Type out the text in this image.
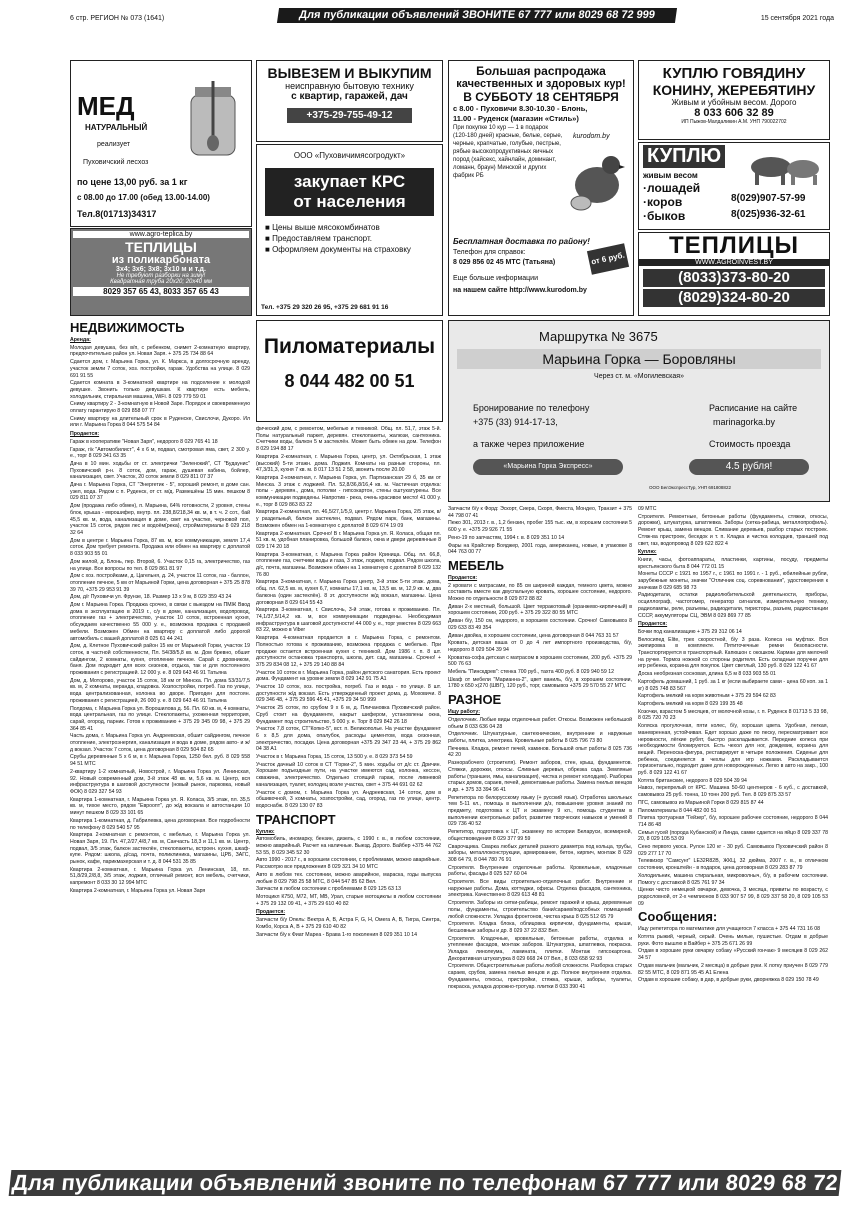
6 стр. РЕГИОН № 073 (1641)	Для публикации объявлений ЗВОНИТЕ 67 777 или 8029 68 72 999	15 сентября 2021 года
МЕД
НАТУРАЛЬНЫЙ
реализует
Пуховичский лесхоз
по цене 13,00 руб. за 1 кг
с 08.00 до 17.00 (обед 13.00-14.00)
Тел.8(01713)34317
www.agro-teplica.by
ТЕПЛИЦЫ
из поликарбоната
3х4; 3х6; 3х8; 3х10 м и т.д.
Не требуют разборки на зиму!
Квадратная труба 20х20; 20х40 мм
8029 357 65 43, 8033 357 65 43
ВЫВЕЗЕМ И ВЫКУПИМ
неисправную бытовую технику
с квартир, гаражей, дач
+375-29-755-49-12
ООО «Пуховичимясогродукт»
закупает КРС
от населения
■ Цены выше мясокомбинатов
■ Предоставляем транспорт.
■ Оформляем документы на страховку
Тел. +375 29 320 26 95, +375 29 681 91 16
Большая распродажа
качественных и здоровых кур!
В СУББОТУ 18 СЕНТЯБРЯ
с 8.00 - Пуховичи 8.30-10.30 - Блонь,
11.00 - Руденск (магазин «Стиль»)
При покупке 10 кур — 1 в подарок (120-180 дней) красные, белые, серые, черные, крапчатые, голубые, пестрые, рябые высокопродуктивных яичных пород (хайсекс, хайнлайн, доминант, ломанн, браун) Минской и других фабрик РБ
kurodom.by
Бесплатная доставка по району!
Телефон для справок:
8 029 856 02 45 МТС (Татьяна)	от 6 руб.
Еще больше информации
на нашем сайте http://www.kurodom.by
КУПЛЮ ГОВЯДИНУ
КОНИНУ, ЖЕРЕБЯТИНУ
Живым и убойным весом. Дорого
8 033 606 32 89
ИП Пыжов-Малдаликин А.М. УНП 790022702
КУПЛЮ
живым весом
·лошадей
·коров
·быков
8(029)907-57-99
8(025)936-32-61
ТЕПЛИЦЫ
WWW.AGROINVEST.BY
(8033)373-80-20
(8029)324-80-20
Пиломатериалы
8 044 482 00 51
Маршрутка № 3675
Марьина Горка — Боровляны
Через ст. м. «Могилевская»
Бронирование по телефону
+375 (33) 914-17-13,
а также через приложение
Расписание на сайте
marinagorka.by
Стоимость проезда
«Марьина Горка Экспресс»	4.5 рубля!
ООО БелЭкспрессТур, УНП 691808822
НЕДВИЖИМОСТЬ
Аренда:

Молодая девушка, без в/п, с ребенком, снимет 2-комнатную квартиру, предпочтительно район ул. Новая Заря. + 375 25 734 88 64

Сдается дом, г. Марьина Горка, ул. К. Маркса, в долгосрочную аренду, участок земли 7 соток, хоз. постройки, гараж. Удобства на улице. 8 029 691 91 55

Сдается комната в 3-комнатной квартире на подселение к молодой девушке. Звонить только девушкам. К квартире есть мебель, холодильник, стиральная машина, WiFi. 8 029 779 59 01

Сниму квартиру 2 - 3-комнатную в Новой Заре. Порядок и своевременную оплату гарантирую 8 029 858 07 77

Сниму квартиру на длительный срок в Руденске, Свислочи, Дукоро. Ил или г. Марьина Горка 8 044 575 54 84

Продается:

Гараж в кооперативе "Новая Заря", недорого 8 029 765 41 18

Гараж, г/к "Автомобилист", 4 х 6 м, подвал, смотровая яма, свет, 2 300 у. е., торг 8 029 341 63 35

Дача в 10 мин. ходьбы от ст. электрички "Зеленокий", СТ "Будаунис" Пуховичский р-н. 8 соток, дом, гараж, душевая кабина, бойлер, канализация, свет. Участок, 20 соток земли 8 029 811 07 37

Дача г. Марьина Горка, СТ "Энергетик - 5", хороший ремонт, в доме сан. узел, вода. Рядом с п. Руденск, от ст. м/д. Размешёны 15 мин. пешком 8 029 811 07 37

Дом (продажа либо обмен), п. Марьина, 64% готовности, 2 уровня, стены блок, крыша - еврошифер, внутр. пл. 238,8/218,34 кв. м, в т. ч. 2 сот., бай 45,5 кв. м, вода, канализация в доме, свет на участке, черновой пол, участок 15 соток, рядом лес и водоём(река), стройматериалы 8 029 218 32 64

Дом в центре г. Марьина Горка, 87 кв. м, все коммуникации, земля 17,4 соток. Дом требует ремонта. Продажа или обмен на квартиру с доплатой 8 033 903 55 01

Дом жилой, д. Блонь, пер. Второй, 6. Участок 0,15 га, электричество, газ на улице. Все вопросы по тел. 8 029 861 81 97

Дом с хоз. постройками, д. Цагельня, д. 24, участок 11 соток, газ - баллон, отопление печное, 5 км от Марьиной Горки, цена договорная + 375 25 878 39 70, +375 29 953 91 39

Дом, д/г Пуховичи ул. Фрунзе, 18. Размер 13 х 9 м, 8 029 359 43 24

Дом г. Марьина Горка. Продажа срочно, в связи с выездом на ПМЖ Ввод дома в эксплуатацию в 2019 г., с/у в доме, канализация, водопровод, отопление газ + электричество, участок 10 соток, встроенная кухня, обсуждаем качественно 55 000 у. е., возможна продажа с продажей мебели. Возможен Обмен на квартиру с доплатой либо дорогой автомобиль с вашей доплатой 8 025 61 44 241

Дом, д. Клетное Пуховичский район 15 км от Марьиной Горки, участок 19 соток, в частной собственности, Пл. 54/38/5,8 кв. м. Дом бревно, обшит сайдингом, 2 комнаты, кухня, отопление печное. Сарай с дровником, баня. Дом подходит для всех сезонов, отдыха, так и для постоянного проживания с регистрацией. 12 000 у. е. 8 029 643 46 91 Татьяна

Дом, д. Моторово, участок 15 соток, 18 км от Минска. Пл. дома 53/31/7,5 кв. м, 2 комнаты, веранда, кладовка. Хозпостройки, погреб. Газ по улице, вода централизованная, колонка во дворе. Пригоден для постоян. проживания с регистрацией, 26 000 у. е. 8 029 643 46 91 Татьяна

Полдома, г. Марьина Горка ул. Ворошилова д. 56. Пл. 60 кв. м, 4 комнаты, вода центральная, газ по улице. Стеклопакеты, ухоженная территория, сарай, огород, парник. Готов к проживанию + 375 29 345 09 98, + 375 29 364 85 41

Часть дома, г. Марьина Горка ул. Андреевская, обшит сайдингом, печное отопление, электроэнергия, канализация и вода в доме, рядом авто- и ж/д вокзал. Участок 7 соток, цена договорная 8 029 504 82 65

Срубы деревянные 5 х 6 м, в г. Марьина Горка, 1250 бел. руб. 8 029 558 94 51 МТС

2-квартиру 1-2 комнатный, Новострой, г. Марьина Горка ул. Ленинская, 92. Новый современный дом, 3-й этаж 48 кв. м, 5,6 кв. м. Центр, вся инфраструктура в шаговой доступности (новый рынок, парковка, новый ФОК) 8 029 327 54 93

Квартира 1-комнатная, г. Марьина Горка ул. Я. Коласа, 3/5 этаж, пл. 35,5 кв. м, тихое место, рядом "Евроопт", до ж/д вокзала и автостанции 10 минут пешком 8 029 33 101 65

Квартира 1-комнатная, д. Габрилевка, цена договорная. Все подробности по телефону 8 029 540 57 95

Квартира 2-комнатная с ремонтом, с мебелью, г. Марьина Горка ул. Новая Заря, 19. Пл. 47,2/27,4/8,7 кв. м, Санчасть 18,3 и 11,1 кв. м. Центр, подвал, 3/5 этаж, балкон застеклён, стеклопакеты, встроен. кухня, шкаф-купе. Рядом: школа, д/сад, почта, поликлиника, магазины, ЦРБ, ЗАГС, рынок, кафе, парикмахерская и т. д. 8 044 531 35 85

Квартира 2-комнатная, г. Марьина Горка ул. Ленинская, 18, пл. 51,8/29,2/8,8, 3/5 этаж, лоджия, отличный ремонт, вся мебель, счетчики, капремонт 8 033 30 12 994 МТС

Квартира 2-комнатная, г. Марьина Горка ул. Новая Заря

фический дом, с ремонтом, мебелью и техникой. Общ. пл. 51,7, этаж 5-й. Полы натуральный паркет, деревян. стеклопакеты, жалюзи, сантехника. Счетчики воды, балкон 5 м застеклён. Может быть обмен на дом. Телефон 8 029 194 88 17

Квартира 2-комнатная, г. Марьина Горка, центр, ул. Октябрьская, 1 этаж (высокий) 5-ти этажн. дома. Лоджия. Комнаты на разные стороны, пл. 47,3/31,3, кухня 7 кв. м. 8 017 13 51 2 58, звонить после 20.00

Квартира 2-комнатная, г. Марьина Горка, ул. Партизанская 29 б, 35 км от Минска. 3 этаж с лоджией. Пл. 52,8/36,8/16,4 кв. м. Частичная отделка: полы - деревян., дома, потолки - гипсокартон, стены оштукатурены. Все коммуникации подведены. Напротив - река, очень красивое место! 41 000 у. е., торг 8 029 863 83 22

Квартира 2-комнатная, пл. 46,5/27,1/5,9, центр г. Марьина Горка, 2/5 этаж, в/у раздельный, балкон застеклен, подвал. Рядом парк, банк, магазины. Возможен обмен на 1-комнатную с доплатой 8 029 674 19 09

Квартира 2-комнатная. Срочно! В г. Марьина Горка ул. Я. Коласа, общая пл. 51 кв. м, удобная планировка, большой балкон, окна и двери деревянные 8 029 174 20 18

Квартира 3-комнатная, г. Марьина Горка район Криница. Общ. пл. 66,8, отопление газ, счетчики воды и газа, 3 этаж, лоджия, подвал. Рядом школа, д/с, почта, магазины. Возможен обмен на 1 комнатную с доплатой 8 029 132 76 80

Квартира 3-комнатная, г. Марьина Горка центр, 3-й этаж 5-ти этаж. дома, общ. пл. 62,5 кв. м, кухня 6,7, комнаты 17,1 кв. м, 13,5 кв. м, 12,9 кв. м, два балкона (один застеклён). 8 эт. доступности ж/д вокзал, магазины. Цена договорная 8 029 614 55 43

Квартира 3-комнатная, г. Свислочь, 3-й этаж, готова к проживанию. Пл. 74,1/37,5/14,2 кв. м, все коммуникации подведены. Необходимая инфраструктура в шаговой доступности! 44 000 у. е., торг уместен 8 029 663 83 22, можно в Viber

Квартира 4-комнатная продается в г. Марьина Горка, с ремонтом. Полностью готова к проживанию, возможна продажа с мебелью. При продаже остается встроенная кухня с техникой. Дом 1986 г. п. 8 шт. доступности остановка транспорта, школа, дет. сад, магазины. Срочно! + 375 29 834 08 12, + 375 29 140 88 84

Участок 10 соток в г. Марьина Горка, район детского санатория. Есть проект дома. Фундамент на уровне земли 8 029 142 91 75 А1

Участок 10 соток, хоз. постройка, погреб. Газ и вода - по улице. 8 шт. доступности ж/д вокзал. Есть утвержденный проект дома, д. Моховичи. 8 029 346 48, + 375 29 596 45 41, +375 29 34 50 999

Участок 25 соток, по срубом 9 х 6 м, д. Пличановка Пуховичский район. Сруб стоит на фундаменте, накрыт шифером, установлены окна, Фундамент под строительство, 5 000 у. е. Торг 8 029 842 26 18

Участок 7,8 соток, СТ"Копко-5", вст. п. Великополье. На участке фундамент 6 х 8,5 для дома, опалубок, расходы цементом, вода сезонная, электричество, посадки. Цена договорная +375 29 347 23 44, + 375 29 862 04 38 А1

Участок в г. Марьина Горка, 15 соток, 13 500 у. е. 8 029 373 54 59

Участок дачный 10 соток в СТ "Горки-2", 5 мин. ходьбы от д/с ст. Дричин. Хорошие подъездные пути, на участке имеются сад, колонка, кессон, скважина, электричество. Отдельно стоящий гараж, после ливневой канализация, туалет, колодец возле участка, свет + 375 44 691 02 62

Участок с домом, г. Марьина Горка ул. Андреевская, 14 соток, дом в обшивочной, 3 комнаты, хозпостройки, сад, огород, газ по улице, центр. водоснабж. 8 029 130 07 83

ТРАНСПОРТ
Куплю:

Автомобиль, иномарку, бензин, дизель, с 1990 г. в., в любом состоянии, можно аварийный. Расчет на наличные. Выезд. Дорого. Вайбер +375 44 762 53 55, 8 029 345 52 30

Авто 1990 - 2017 г., в хорошем состоянии, с проблемами, можно аварийные. Рассмотрю все предложения 8 029 321 34 10 МТС

Авто в любом тех. состоянии, можно аварийное, мараска, годы выпуска любые 8 029 798 25 58 МТС, 8 044 547 85 62 Вел.

Запчасти в любом состоянии с проблемами 8 029 125 63 13

Мотоцикл К750, М72, МТ, МВ, Урал, старые мотоциклы в любом состоянии + 375 29 132 09 41, + 375 29 610 40 82

Продается:

Запчасти б/у Опель: Вектра А, В, Астра F, G, H, Омега А, В, Тигра, Синтра, Комбо, Корса А, В + 375 29 610 40 82

Запчасти б/у к Фиат Мареа - Брава 1-го поколения 8 029 351 10 14

Запчасти б/у к Форд: Эскорт, Сиера, Скорп, Фиеста, Мондео, Транзит + 375 44 798 07 41

Пежо 301, 2013 г. в., 1,2 бензин, пробег 155 тыс. км, в хорошем состоянии 5 600 у. е. +375 29 926 71 55

Рено-19 по запчастям, 1994 г. в. 8 029 351 10 14

Фары на Крайслер Вояджер, 2001 года, американец, новые, в упаковке 8 044 763 00 77

МЕБЕЛЬ
Продается:

2 кровати с матрасами, по 85 см шириной каждая, темного цвета, можно составить вместе как двуспальную кровать, хорошее состояние, недорого. Можно по отдельности 8 029 872 88 82

Диван 2-х местный, большой. Цвет терракотовый (оранжево-кирпичный) в хорошем состоянии, 200 руб. + 375 29 322 80 55 МТС

Диван б/у, 150 см, недорого, в хорошем состоянии. Срочно! Самовывоз 8 029 633 83 49 354

Диван двойка, в хорошем состоянии, цена договорная 8 044 763 31 57

Кровать, детская ваша от 0 до 4 лет импортного производства, б/у, недорого 8 029 504 39 94

Кроватка-софа детская с матрасом в хорошем состоянии, 200 руб. +375 29 500 76 63

Мебель "Пинскдрев": стенка 700 руб., тахта 400 руб. 8 029 940 59 12

Шкаф от мебели "Марианна-2", цвет ваниль, б/у, в хорошем состоянии, 1780 х 650 х(270 (ШВГ), 120 руб., торг, самовывоз +375 29 570 55 27 МТС

РАЗНОЕ
Ищу работу:

Отделочник. Любые виды отделочных работ. Откосы. Возможен небольшой объем 8 033 636 04 28

Отделочник. Штукатурные, сантехнические, внутренние и наружные работы, плитка, электрика. Кровельные работы 8 025 796 73 80

Печника. Кладка, ремонт печей, каминов. Большой опыт работы 8 025 736 42 20

Разнорабочего (строителя). Ремонт заборов, стен, крыш, фундаментов. Стяжки, дорожки, откосы. Сливные деревья, обрезка сада. Земляные работы (траншеи, ямы, канализация), чистка и ремонт колодцев). Разборка старых домов, сараев, печей, демонтажные работы. Замена гнилых венцов и др. + 375 33 394 96 41

Репетитора по белорусскому языку (+ русский язык). Отработка школьных тем 5-11 кл., помощь в выполнении д/з, повышение уровня знаний по предмету, подготовка к ЦТ и экзамену 9 кл., помощь студентам в выполнении контрольных работ, развитие творческих навыков и умений 8 029 736 40 52

Репетитор, подготовка к ЦТ, экзамену по истории Беларуси, всемирной, обществоведения 8 029 377 99 59

Сварочщика. Сварка любых деталей разного диаметра под кольца, трубы, заборы, металлоконструкции, армирование, бетон, кирпич, монтаж 8 029 308 64 79, 8 044 780 76 91

Строителя. Внутренние отделочные работы. Кровельные, кладочные работы, фасады 8 025 527 60 04

Строителя. Все виды строительно-отделочных работ. Внутренние и наружные работы. Дома, коттеджи, офисы. Отделка фасадов, сантехника, электрика. Качественно 8 029 613 48 81

Строителя. Заборы из сетки-рабицы, ремонт гаражей и крыш, деревянные полы, фундаменты, строительство бани/сараев/подсобных помещений любой сложности. Укладка фронтонов, чистка крыш 8 025 512 65 79

Строителя. Кладка блока, облицовка кирпичом, фундаменты, крыши, бесшовные заборы и др. 8 029 37 22 832 Вел.

Строителя. Кладочные, кровельные, бетонные работы, отделка и утепление фасадов, монтаж заборов. Штукатурка, шпатлевка, покраска. Укладка линолеума, ламината, плитки. Монтаж гипсокартона. Декоративная штукатурка 8 029 668 24 07 Вел., 8 033 658 92 93

Строителя. Общестроительные работы любой сложности. Разборка старых сараев, срубов, замена гнилых венцов и др. Полное внутренняя отделка. Фундаменты, откосы, пристройки, стяжка, крыши, заборы, туалеты, покраска, укладка дорожно-тротуар. плитки 8 033 390 41

09 МТС

Строителя. Ремонтные, бетонные работы (фундаменты, стяжки, откосы, дорожки), штукатурка, шпатлевка. Заборы (сетка-рабица, металлопрофиль). Ремонт крыш, замена венцов. Сливание деревьев, разбор старых построек. Стяж-ва пристроек, беседок и т. п. Кладка и чистка колодцев, траншей под свет, газ, водопровод 8 029 622 822 4

Куплю:

Книги, часы, фотоаппараты, пластинки, картины, посуду, предметы крестьянского быта 8 044 772 01 15

Монеты СССР с 1921 по 1957 г., с 1961 по 1991 г. - 1 руб., юбилейные рубли, зарубежные монеты, значки "Отличник соц. соревнования", удостоверения к значкам 8 029 685 98 73

Радиодетали, остатки радиолюбительской деятельности, приборы, осциллограф, частотомер, генератор сигналов, измерительную технику, радиолампы, реле, разъемы, радиодетали, тиристоры, разъем, радиостанции СССР, аккумуляторы СЦ, ЭВМ 8 029 869 77 85

Продается:

Бочки под канализацию + 375 29 312 06 14

Велосипед Elite, трех скоростной, б/у 3 раза. Колеса на муфтах. Вся экипировка в комплекте. Пятиточечные ремни безопасности. Транспортируется в транспортный. Капюшон с окошком. Карман для мелочей на ручке. Тормоз ножной со стороны родителя. Есть складные поручни для игр ребенка, корзина для покупок. Цвет светлый, 130 руб. 8 029 122 41 67

Доска необрезная сосновая, длина 6,5 м 8 033 903 55 01

Картофель домашний, 1 руб. за 1 кг (если выбираете сами - цена 60 коп. за 1 кг) 8 025 748 83 567

Картофель мелкий на корм животным + 375 29 594 62 83

Картофель мелкий на корм 8 029 199 35 48

Козочки, взрастом 5 месяцев, от молочной козы, г. п. Руденск 8 01713 5 33 98, 8 025 720 70 23

Коляска прогулочная, пяти колес, б/у, хорошая цвета. Удобная, легкая, маневренная, устойчивая. Едет хорошо даже по песку, пересматривает все неровности, лёгкие рубят, быстро раскладывается. Передние колеса при необходимости блокируются. Есть чехол для ног, дождевик, корзина для вещей. Переноска-фигура, реставрирует в четыре положения. Сиденье для ребенка, соединяется в чехлы для игр ножками. Раскладывается горизонтально, подходит даже для новорожденных. Легко в авто на закр., 100 руб. 8 029 122 41 67

Котята британские, недорого 8 029 504 39 94

Навоз, перепрелый от КРС. Машина 50-60 центнеров - 6 куб., с доставкой, самовывоз 25 руб. тонна, 10 тонн 200 руб. Тел. 8 029 875 33 57

ПГС, самовывоз из Марьиной Горки 8 029 815 87 44

Пиломатериалы 8 044 482 00 51

Плитка тротуарная "Гейзер", б/у, хорошее рабочее состояние, недорого 8 044 714 86 48

Семья гусей (порода Кубанской) и Линда, самки сдается на яйцо 8 029 337 78 20, 8 029 105 53 09

Сено первого укоса. Рулон 120 кг - 30 руб. Самовывоз Пуховичский район 8 029 277 17 70

Телевизор "Самсунг" LE32R82B, ЖКЦ, 32 дюйма, 2007 г. в., в отличном состоянии, кронштейн - в подарок, цена договорная 8 029 283 87 79

Холодильник, машина стиральная, микроволныч, б/у, в рабочем состоянии. Помогу с доставкой 8 025 761 97 34

Щенки чисто немецкой овчарки, девочка, 3 месяца, привиты по возрасту, с родословной, от 2-х чемпионов 8 033 907 57 99, 8 029 337 58 20, 8 029 105 53 09

Сообщения:

Ищу репетитора по математике для учащегося 7 класса + 375 44 731 16 08

Котята рыжий, черный, серый. Очень милые, пушистые. Отдам в добрые руки. Фото вышлю в Вайбер + 375 25 671 26 99

Отдам в хорошие руки овчарку собаку «Русский гончак» 9 месяцев 8 029 262 34 57

Отдам мальчик (мальчик, 2 месяца) в добрые руки. К лотку приучен 8 029 779 82 55 МТС, 8 029 871 95 45 А1 Елена

Отдам в хорошие собаку, в дар, в добрые руки, дворняжка 8 029 150 78 49

Для публикации объявлений звоните по телефонам 67 777 или 8029 68 72 999
